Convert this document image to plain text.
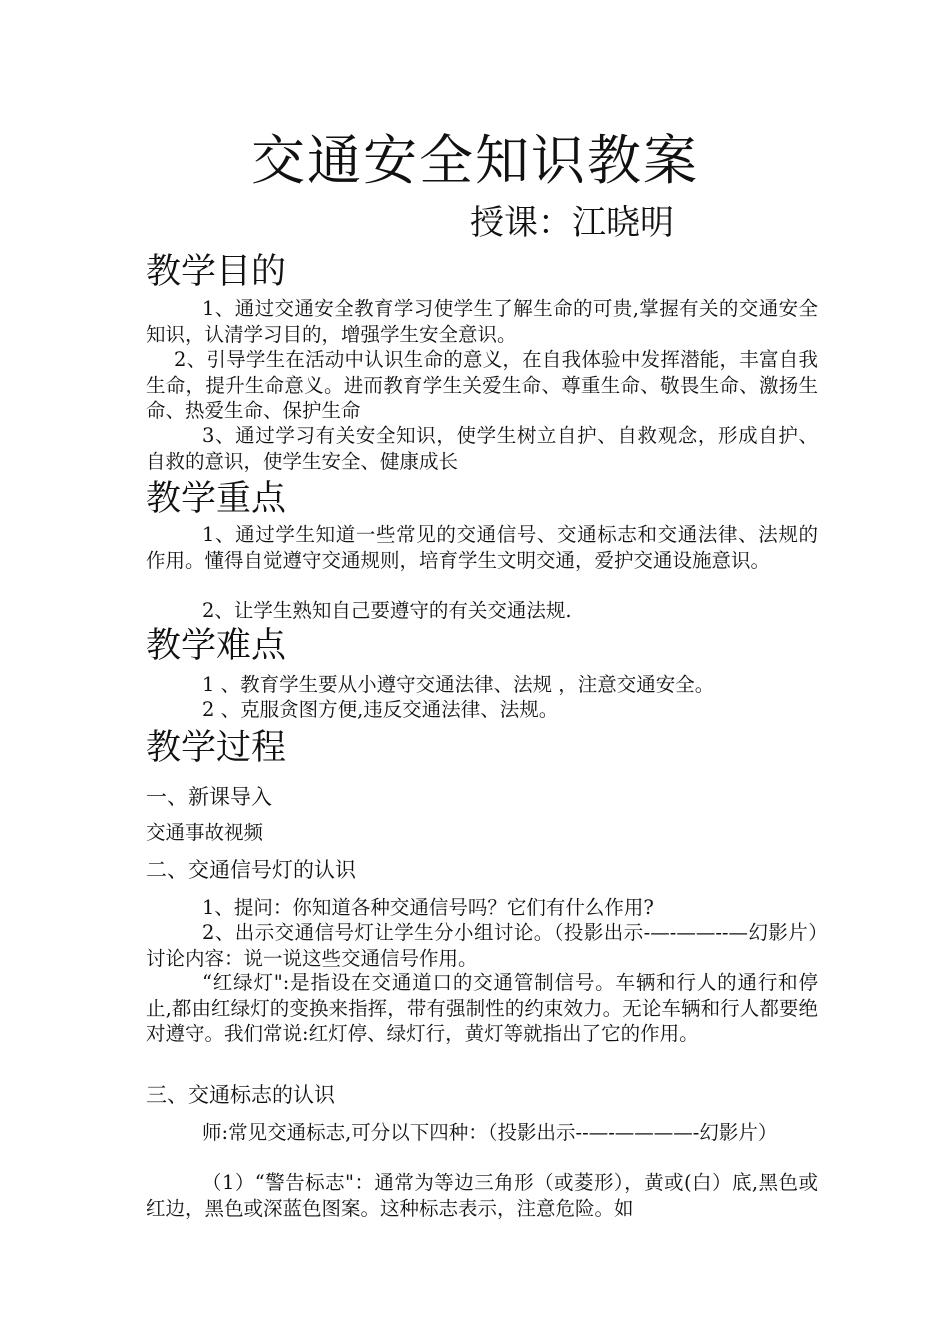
交通安全知识教案
授课：江晓明
教学目的
1、通过交通安全教育学习使学生了解生命的可贵,掌握有关的交通安全知识，认清学习目的，增强学生安全意识。
2、引导学生在活动中认识生命的意义，在自我体验中发挥潜能，丰富自我生命，提升生命意义。进而教育学生关爱生命、尊重生命、敬畏生命、激扬生命、热爱生命、保护生命
3、通过学习有关安全知识，使学生树立自护、自救观念，形成自护、自救的意识，使学生安全、健康成长
教学重点
1、通过学生知道一些常见的交通信号、交通标志和交通法律、法规的作用。懂得自觉遵守交通规则，培育学生文明交通，爱护交通设施意识。
2、让学生熟知自己要遵守的有关交通法规.
教学难点
1 、教育学生要从小遵守交通法律、法规 ，注意交通安全。
2 、克服贪图方便,违反交通法律、法规。
教学过程
一、新课导入
交通事故视频
二、交通信号灯的认识
1、提问：你知道各种交通信号吗？它们有什么作用?
2、出示交通信号灯让学生分小组讨论。（投影出示-—-——--—幻影片）　　讨论内容：说一说这些交通信号作用。
“红绿灯":是指设在交通道口的交通管制信号。车辆和行人的通行和停止,都由红绿灯的变换来指挥，带有强制性的约束效力。无论车辆和行人都要绝对遵守。我们常说:红灯停、绿灯行，黄灯等就指出了它的作用。
三、交通标志的认识
师:常见交通标志,可分以下四种：（投影出示--—-————-幻影片）
（1）“警告标志"：通常为等边三角形（或菱形），黄或(白）底,黑色或红边，黑色或深蓝色图案。这种标志表示，注意危险。如
